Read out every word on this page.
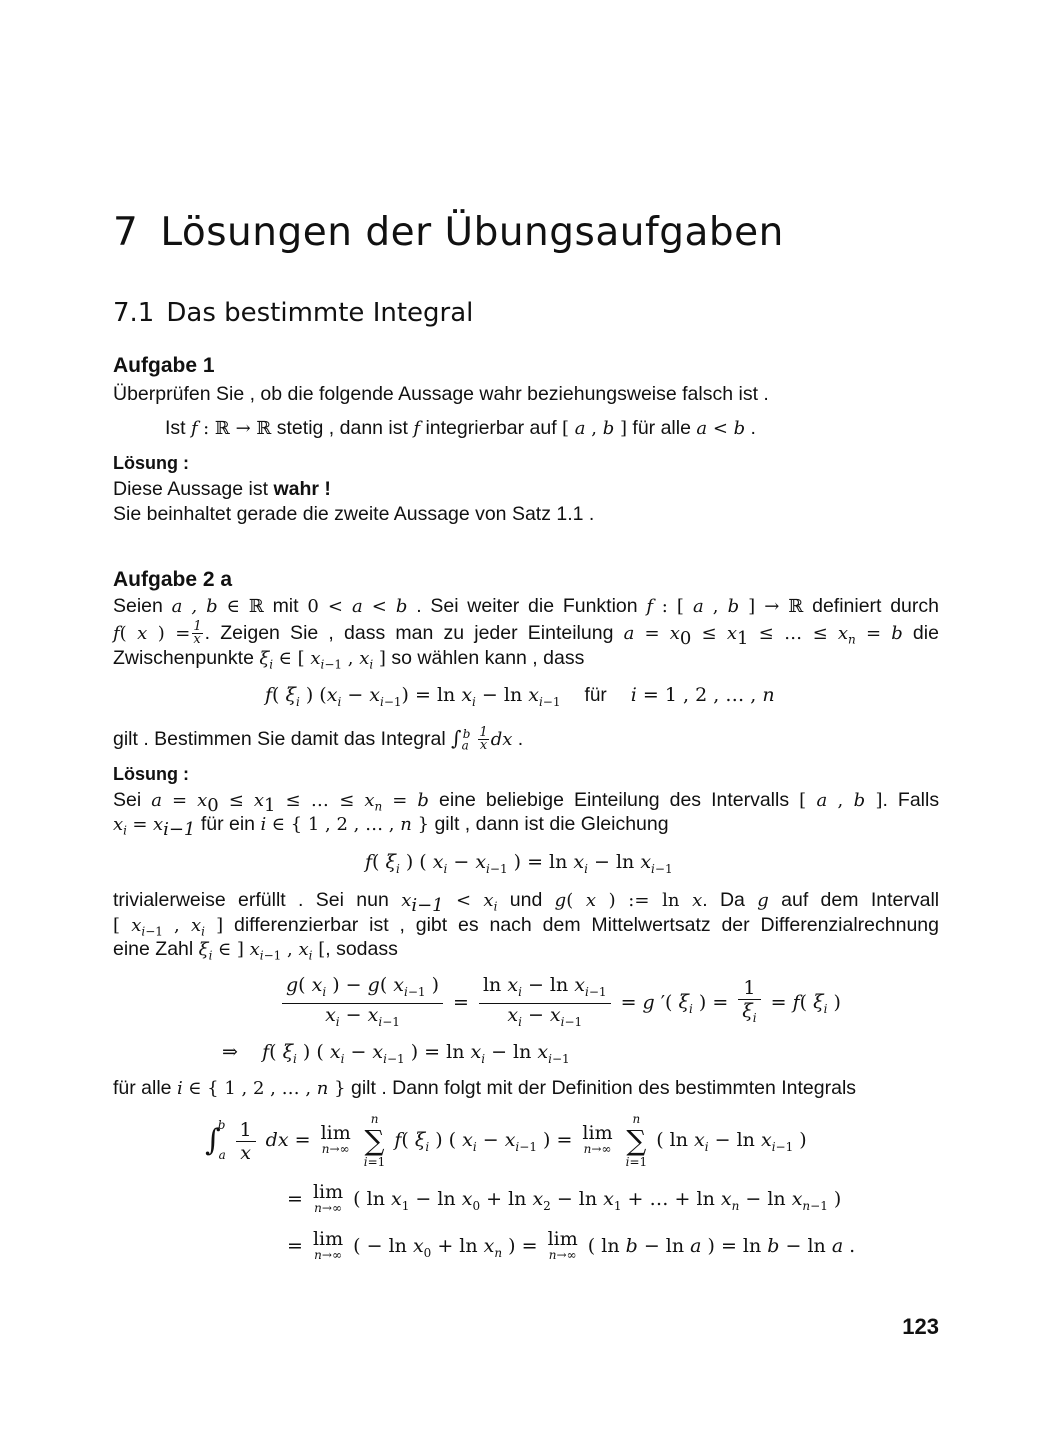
7 Lösungen der Übungsaufgaben
7.1 Das bestimmte Integral
Aufgabe 1
Überprüfen Sie , ob die folgende Aussage wahr beziehungsweise falsch ist .
Ist f : ℝ → ℝ stetig , dann ist f integrierbar auf [ a , b ] für alle a < b .
Lösung :
Diese Aussage ist wahr !
Sie beinhaltet gerade die zweite Aussage von Satz 1.1 .
Aufgabe 2 a
Seien a , b ∈ ℝ mit 0 < a < b . Sei weiter die Funktion f : [ a , b ] → ℝ definiert durch
f( x ) = $\frac{1}{x}$ . Zeigen Sie , dass man zu jeder Einteilung $a = x_0 \le x_1$ ≤ … ≤ $x_n = b$ die
Zwischenpunkte $\xi_i$ ∈ [ $x_{i-1}$ , $x_i$ ] so wählen kann , dass
f( $\xi_i$ ) $(x_i - x_{i-1}) = \ln x_i - \ln x_{i-1}$ für i = 1 , 2 , … , n
gilt . Bestimmen Sie damit das Integral $\int_a^b \frac{1}{x}$ dx .
Lösung :
Sei $a = x_0 \le x_1$ ≤ … ≤ $x_n = b$ eine beliebige Einteilung des Intervalls [ a , b ]. Falls
$x_i = x_{i-1}$ für ein i ∈ { 1 , 2 , … , n } gilt , dann ist die Gleichung
f( $\xi_i$ ) ( $x_i - x_{i-1}$ ) = $\ln x_i - \ln x_{i-1}$
trivialerweise erfüllt . Sei nun $x_{i-1} < x_i$ und g( x ) := ln x. Da g auf dem Intervall
[ $x_{i-1}$ , $x_i$ ] differenzierbar ist , gibt es nach dem Mittelwertsatz der Differenzialrechnung
eine Zahl $\xi_i$ ∈ ] $x_{i-1}$ , $x_i$ [, sodass
$\frac{g( x_i ) - g( x_{i-1} )}{x_i - x_{i-1}} = \frac{\ln x_i - \ln x_{i-1}}{x_i - x_{i-1}} = g$ ′( $\xi_i$ ) = $\frac{1}{\xi_i} = f$( $\xi_i$ )
⇒    f( $\xi_i$ ) ( $x_i - x_{i-1}$ ) = $\ln x_i - \ln x_{i-1}$
für alle i ∈ { 1 , 2 , … , n } gilt . Dann folgt mit der Definition des bestimmten Integrals
$\int_a^b \frac{1}{x}$ dx = lim
n→∞

n
∑
i=1
f( $\xi_i$ ) ( $x_i - x_{i-1}$ ) = lim
n→∞

n
∑
i=1
( $\ln x_i - \ln x_{i-1}$ )
= lim
n→∞ ( $\ln x_1 - \ln x_0 + \ln x_2 - \ln x_1$ + … + $\ln x_n - \ln x_{n-1}$ )
= lim
n→∞ ( − $\ln x_0 + \ln x_n$ ) = lim
n→∞ ( ln b − ln a ) = ln b − ln a .
123
